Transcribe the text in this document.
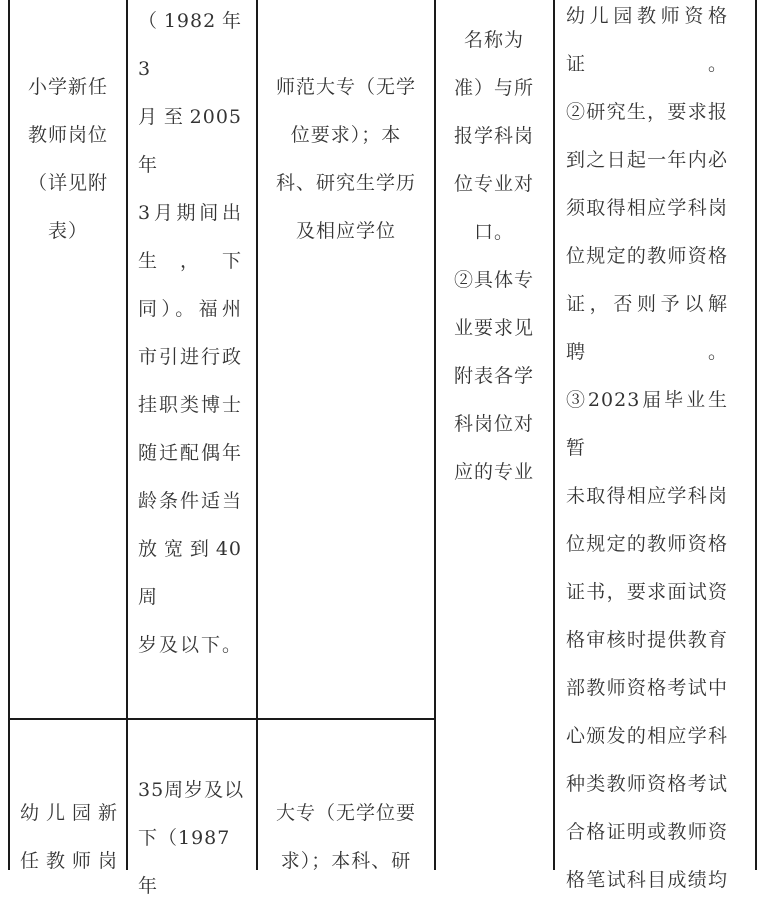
小学新任
教师岗位
（详见附
表）
（1982年3
月至2005年
3月期间出
生，下
同）。福州
市引进行政
挂职类博士
随迁配偶年
龄条件适当
放宽到40周
岁及以下。
师范大专（无学
位要求）；本
科、研究生学历
及相应学位
名称为
准）与所
报学科岗
位专业对
口。
②具体专
业要求见
附表各学
科岗位对
应的专业
幼儿园教师资格
证。
②研究生，要求报
到之日起一年内必
须取得相应学科岗
位规定的教师资格
证，否则予以解
聘。
③2023届毕业生暂
未取得相应学科岗
位规定的教师资格
证书，要求面试资
格审核时提供教育
部教师资格考试中
心颁发的相应学科
种类教师资格考试
合格证明或教师资
格笔试科目成绩均
幼儿园新
任教师岗
35周岁及以
下（1987年
大专（无学位要
求）；本科、研
